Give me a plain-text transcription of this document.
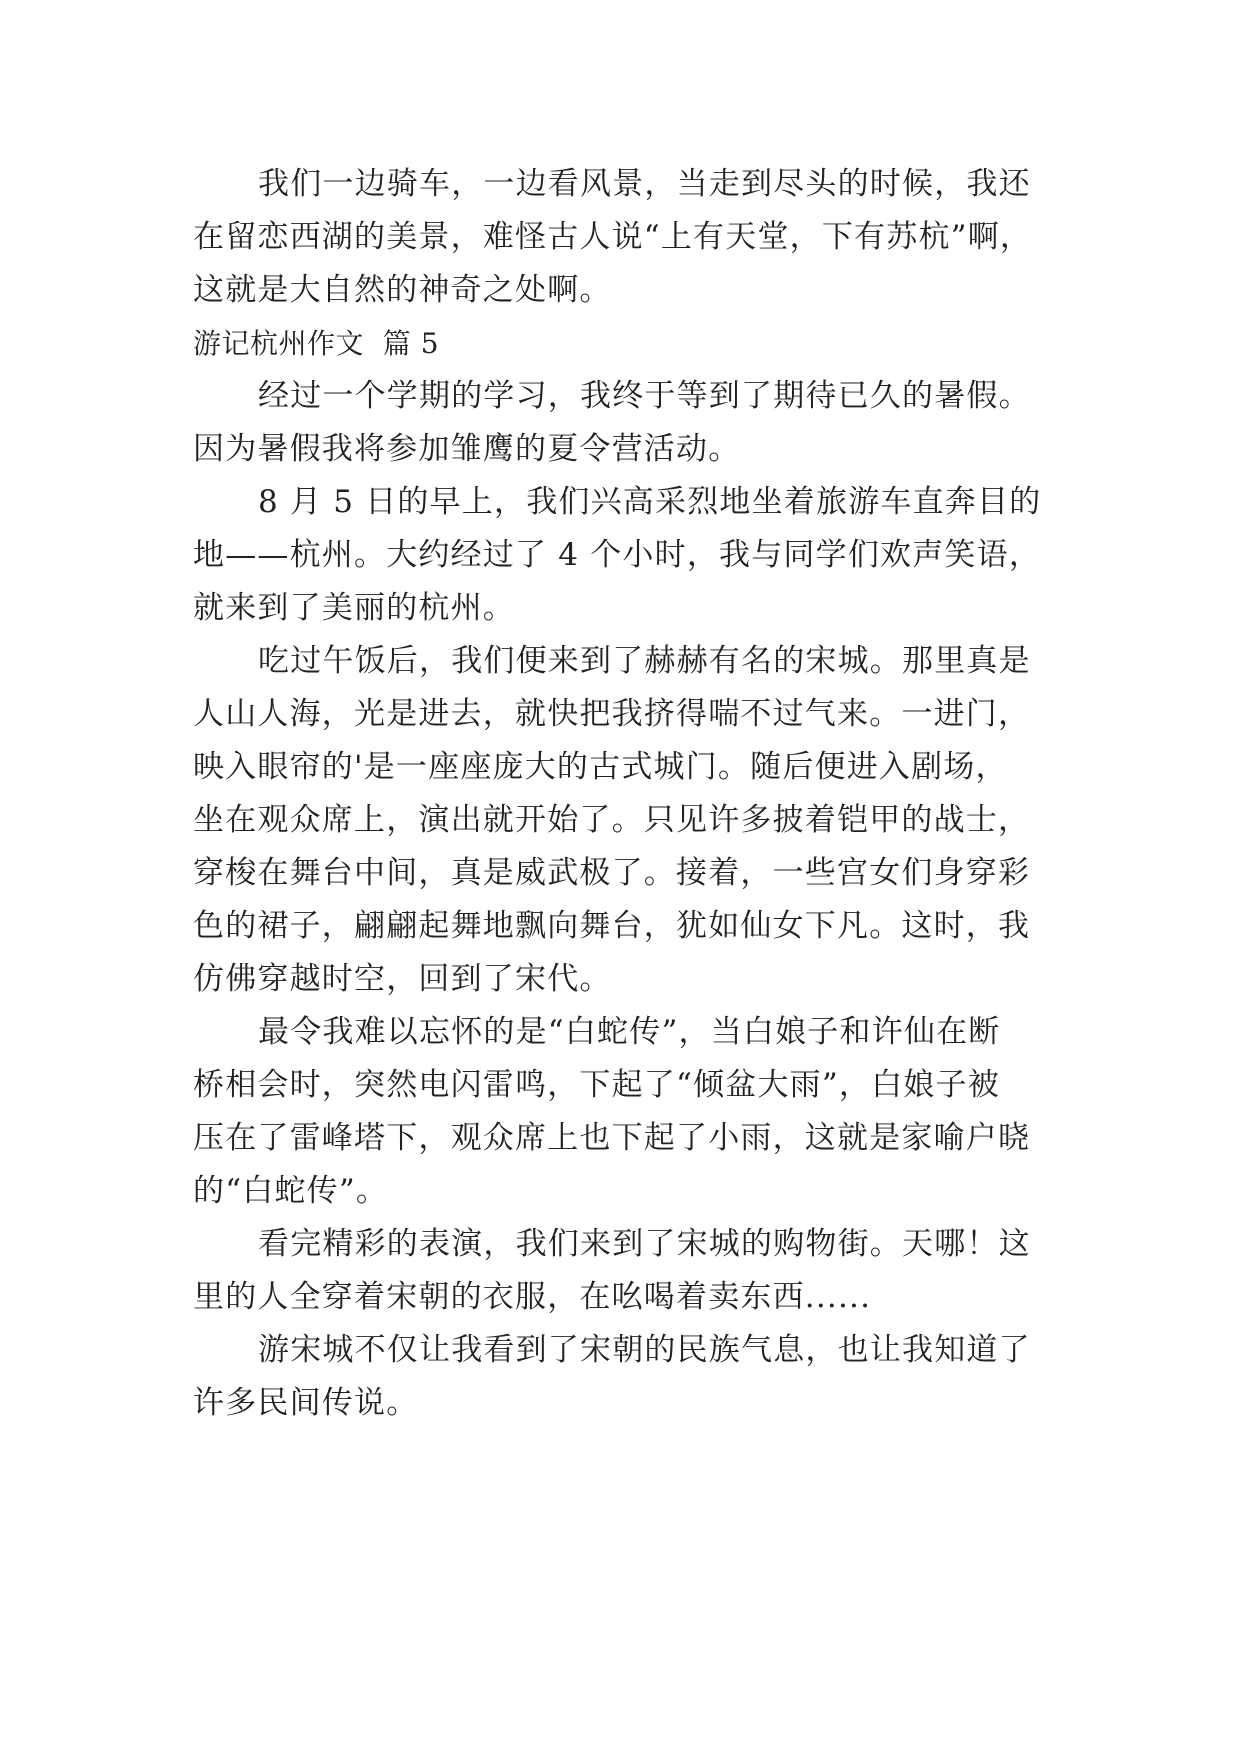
我们一边骑车，一边看风景，当走到尽头的时候，我还
在留恋西湖的美景，难怪古人说“上有天堂，下有苏杭”啊，
这就是大自然的神奇之处啊。
游记杭州作文  篇 5
经过一个学期的学习，我终于等到了期待已久的暑假。
因为暑假我将参加雏鹰的夏令营活动。
8 月 5 日的早上，我们兴高采烈地坐着旅游车直奔目的
地——杭州。大约经过了 4 个小时，我与同学们欢声笑语，
就来到了美丽的杭州。
吃过午饭后，我们便来到了赫赫有名的宋城。那里真是
人山人海，光是进去，就快把我挤得喘不过气来。一进门，
映入眼帘的'是一座座庞大的古式城门。随后便进入剧场，
坐在观众席上，演出就开始了。只见许多披着铠甲的战士，
穿梭在舞台中间，真是威武极了。接着，一些宫女们身穿彩
色的裙子，翩翩起舞地飘向舞台，犹如仙女下凡。这时，我
仿佛穿越时空，回到了宋代。
最令我难以忘怀的是“白蛇传”，当白娘子和许仙在断
桥相会时，突然电闪雷鸣，下起了“倾盆大雨”，白娘子被
压在了雷峰塔下，观众席上也下起了小雨，这就是家喻户晓
的“白蛇传”。
看完精彩的表演，我们来到了宋城的购物街。天哪！这
里的人全穿着宋朝的衣服，在吆喝着卖东西......
游宋城不仅让我看到了宋朝的民族气息，也让我知道了
许多民间传说。
